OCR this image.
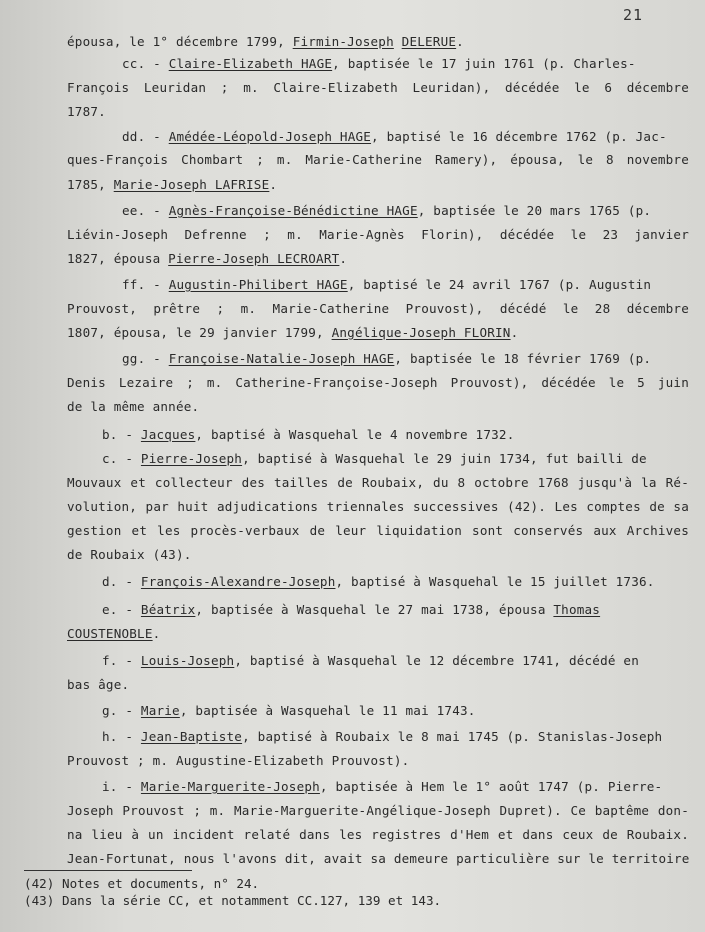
21
épousa, le 1° décembre 1799, Firmin-Joseph DELERUE.
cc. - Claire-Elizabeth HAGE, baptisée le 17 juin 1761 (p. Charles-
François Leuridan ; m. Claire-Elizabeth Leuridan), décédée le 6 décembre
1787.
dd. - Amédée-Léopold-Joseph HAGE, baptisé le 16 décembre 1762 (p. Jac-
ques-François Chombart ; m. Marie-Catherine Ramery), épousa, le 8 novembre
1785, Marie-Joseph LAFRISE.
ee. - Agnès-Françoise-Bénédictine HAGE, baptisée le 20 mars 1765 (p.
Liévin-Joseph Defrenne ; m. Marie-Agnès Florin), décédée le 23 janvier
1827, épousa Pierre-Joseph LECROART.
ff. - Augustin-Philibert HAGE, baptisé le 24 avril 1767 (p. Augustin
Prouvost, prêtre ; m. Marie-Catherine Prouvost), décédé le 28 décembre
1807, épousa, le 29 janvier 1799, Angélique-Joseph FLORIN.
gg. - Françoise-Natalie-Joseph HAGE, baptisée le 18 février 1769 (p.
Denis Lezaire ; m. Catherine-Françoise-Joseph Prouvost), décédée le 5 juin
de la même année.
b. - Jacques, baptisé à Wasquehal le 4 novembre 1732.
c. - Pierre-Joseph, baptisé à Wasquehal le 29 juin 1734, fut bailli de
Mouvaux et collecteur des tailles de Roubaix, du 8 octobre 1768 jusqu'à la Ré-
volution, par huit adjudications triennales successives (42). Les comptes de sa
gestion et les procès-verbaux de leur liquidation sont conservés aux Archives
de Roubaix (43).
d. - François-Alexandre-Joseph, baptisé à Wasquehal le 15 juillet 1736.
e. - Béatrix, baptisée à Wasquehal le 27 mai 1738, épousa Thomas
COUSTENOBLE.
f. - Louis-Joseph, baptisé à Wasquehal le 12 décembre 1741, décédé en
bas âge.
g. - Marie, baptisée à Wasquehal le 11 mai 1743.
h. - Jean-Baptiste, baptisé à Roubaix le 8 mai 1745 (p. Stanislas-Joseph
Prouvost ; m. Augustine-Elizabeth Prouvost).
i. - Marie-Marguerite-Joseph, baptisée à Hem le 1° août 1747 (p. Pierre-
Joseph Prouvost ; m. Marie-Marguerite-Angélique-Joseph Dupret). Ce baptême don-
na lieu à un incident relaté dans les registres d'Hem et dans ceux de Roubaix.
Jean-Fortunat, nous l'avons dit, avait sa demeure particulière sur le territoire
(42) Notes et documents, n° 24.
(43) Dans la série CC, et notamment CC.127, 139 et 143.
